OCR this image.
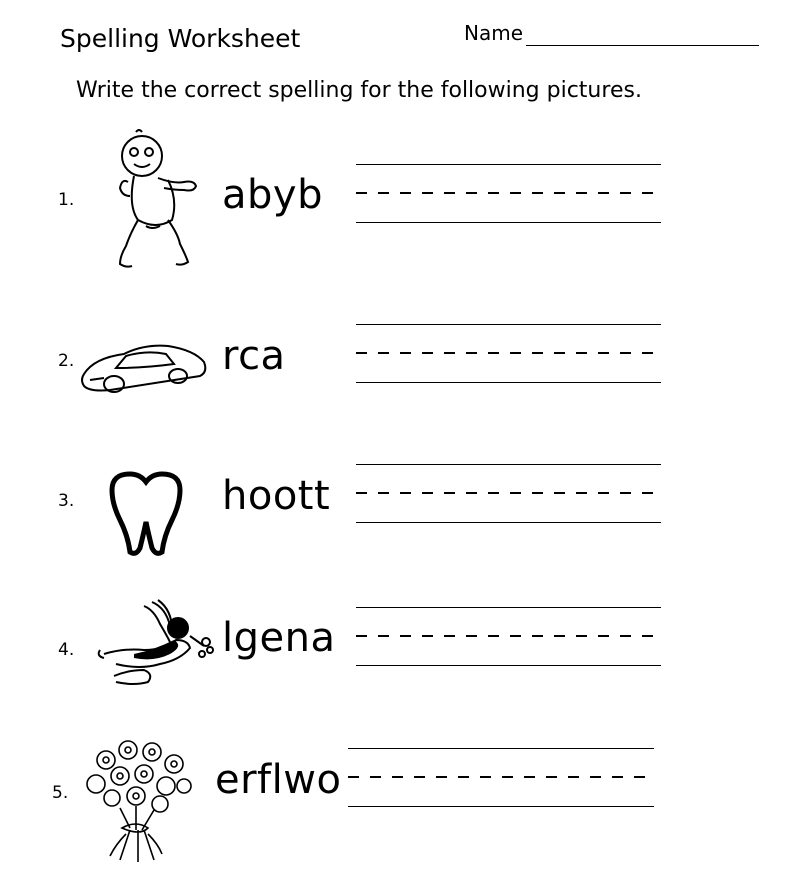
Spelling Worksheet	Name
Write the correct spelling for the following pictures.
1.	abyb
2.	rca
3.	hoott
4.	lgena
5.	erflwo
